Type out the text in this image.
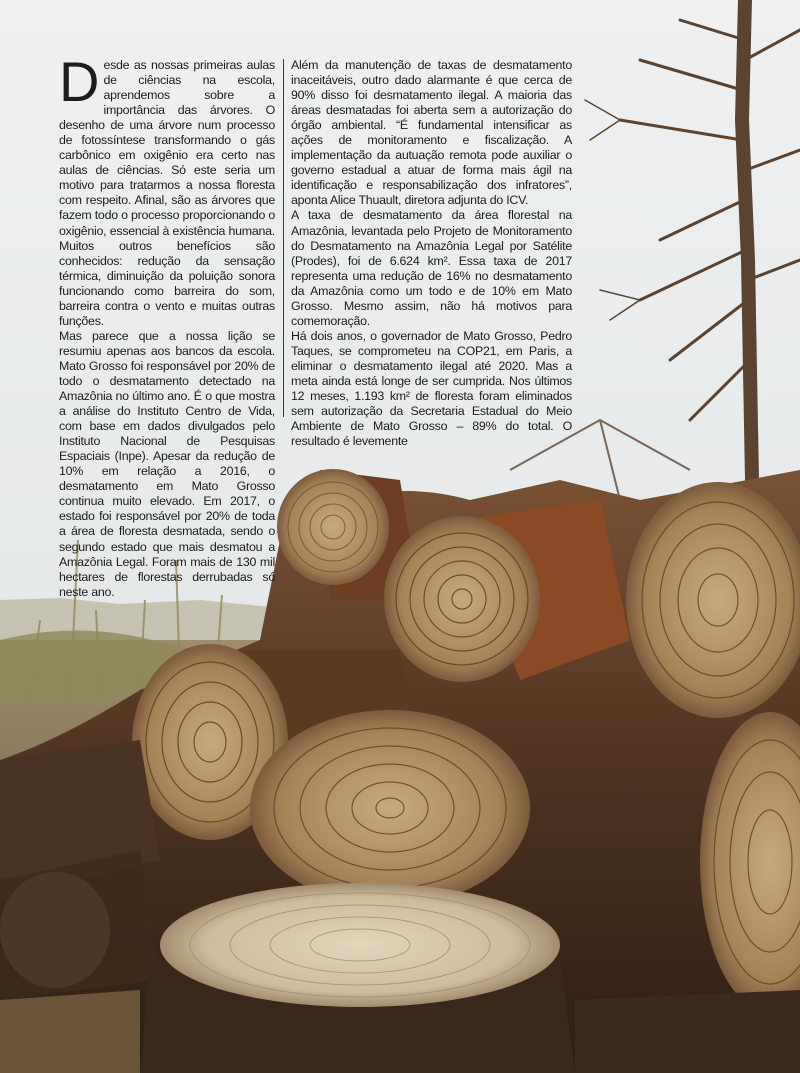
Desde as nossas primeiras aulas de ciências na escola, aprendemos sobre a importância das árvores. O desenho de uma árvore num processo de fotossíntese transformando o gás carbônico em oxigênio era certo nas aulas de ciências. Só este seria um motivo para tratarmos a nossa floresta com respeito. Afinal, são as árvores que fazem todo o processo proporcionando o oxigênio, essencial à existência humana. Muitos outros benefícios são conhecidos: redução da sensação térmica, diminuição da poluição sonora funcionando como barreira do som, barreira contra o vento e muitas outras funções.

Mas parece que a nossa lição se resumiu apenas aos bancos da escola. Mato Grosso foi responsável por 20% de todo o desmatamento detectado na Amazônia no último ano. É o que mostra a análise do Instituto Centro de Vida, com base em dados divulgados pelo Instituto Nacional de Pesquisas Espaciais (Inpe). Apesar da redução de 10% em relação a 2016, o desmatamento em Mato Grosso continua muito elevado. Em 2017, o estado foi responsável por 20% de toda a área de floresta desmatada, sendo o segundo estado que mais desmatou a Amazônia Legal. Foram mais de 130 mil hectares de florestas derrubadas só neste ano.

Além da manutenção de taxas de desmatamento inaceitáveis, outro dado alarmante é que cerca de 90% disso foi desmatamento ilegal. A maioria das áreas desmatadas foi aberta sem a autorização do órgão ambiental. “É fundamental intensificar as ações de monitoramento e fiscalização. A implementação da autuação remota pode auxiliar o governo estadual a atuar de forma mais ágil na identificação e responsabilização dos infratores”, aponta Alice Thuault, diretora adjunta do ICV.

A taxa de desmatamento da área florestal na Amazônia, levantada pelo Projeto de Monitoramento do Desmatamento na Amazônia Legal por Satélite (Prodes), foi de 6.624 km². Essa taxa de 2017 representa uma redução de 16% no desmatamento da Amazônia como um todo e de 10% em Mato Grosso. Mesmo assim, não há motivos para comemoração.

Há dois anos, o governador de Mato Grosso, Pedro Taques, se comprometeu na COP21, em Paris, a eliminar o desmatamento ilegal até 2020. Mas a meta ainda está longe de ser cumprida. Nos últimos 12 meses, 1.193 km² de floresta foram eliminados sem autorização da Secretaria Estadual do Meio Ambiente de Mato Grosso – 89% do total. O resultado é levemente
